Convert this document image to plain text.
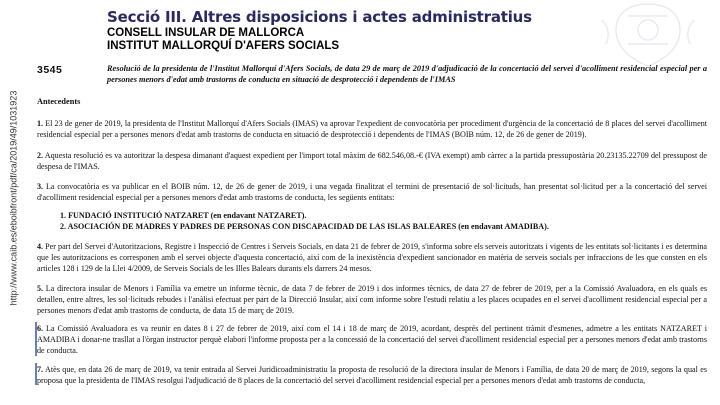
http://www.caib.es/eboibfront/pdf/ca/2019/49/1031923
Secció III. Altres disposicions i actes administratius
CONSELL INSULAR DE MALLORCA
INSTITUT MALLORQUÍ D'AFERS SOCIALS
3545	Resolució de la presidenta de l'Institut Mallorquí d'Afers Socials, de data 29 de març de 2019 d'adjudicació de la concertació del servei d'acolliment residencial especial per a persones menors d'edat amb trastorns de conducta en situació de desprotecció i dependents de l'IMAS
Antecedents
1. El 23 de gener de 2019, la presidenta de l'Institut Mallorquí d'Afers Socials (IMAS) va aprovar l'expedient de convocatòria per procediment d'urgència de la concertació de 8 places del servei d'acolliment residencial especial per a persones menors d'edat amb trastorns de conducta en situació de desprotecció i dependents de l'IMAS (BOIB núm. 12, de 26 de gener de 2019).
2. Aquesta resolució es va autoritzar la despesa dimanant d'aquest expedient per l'import total màxim de 682.546,08.-€ (IVA exempt) amb càrrec a la partida pressupostària 20.23135.22709 del pressupost de despesa de l'IMAS.
3. La convocatòria es va publicar en el BOIB núm. 12, de 26 de gener de 2019, i una vegada finalitzat el termini de presentació de sol·licituds, han presentat sol·licitud per a la concertació del servei d'acolliment residencial especial per a persones menors d'edat amb trastorns de conducta, les següents entitats:
1. FUNDACIÓ INSTITUCIÓ NATZARET (en endavant NATZARET).
2. ASOCIACIÓN DE MADRES Y PADRES DE PERSONAS CON DISCAPACIDAD DE LAS ISLAS BALEARES (en endavant AMADIBA).
4. Per part del Servei d'Autoritzacions, Registre i Inspecció de Centres i Serveis Socials, en data 21 de febrer de 2019, s'informa sobre els serveis autoritzats i vigents de les entitats sol·licitants i es determina que les autoritzacions es corresponen amb el servei objecte d'aquesta concertació, així com de la inexistència d'expedient sancionador en matèria de serveis socials per infraccions de les que consten en els articles 128 i 129 de la Llei 4/2009, de Serveis Socials de les Illes Balears durants els darrers 24 mesos.
5. La directora insular de Menors i Família va emetre un informe tècnic, de data 7 de febrer de 2019 i dos informes tècnics, de data 27 de febrer de 2019, per a la Comissió Avaluadora, en els quals es detallen, entre altres, les sol·licituds rebudes i l'anàlisi efectuat per part de la Direcció Insular, així com informe sobre l'estudi relatiu a les places ocupades en el servei d'acolliment residencial especial per a persones menors d'edat amb trastorns de conducta, de data 15 de març de 2019.
6. La Comissió Avaluadora es va reunir en dates 8 i 27 de febrer de 2019, així com el 14 i 18 de març de 2019, acordant, després del pertinent tràmit d'esmenes, admetre a les entitats NATZARET i AMADIBA i donar-ne trasllat a l'òrgan instructor perquè elabori l'informe proposta per a la concessió de la concertació del servei d'acolliment residencial especial per a persones menors d'edat amb trastorns de conducta.
7. Atès que, en data 26 de març de 2019, va tenir entrada al Servei Juridicoadministratiu la proposta de resolució de la directora insular de Menors i Família, de data 20 de març de 2019, segons la qual es proposa que la presidenta de l'IMAS resolgui l'adjudicació de 8 places de la concertació del servei d'acolliment residencial especial per a persones menors d'edat amb trastorns de conducta,
